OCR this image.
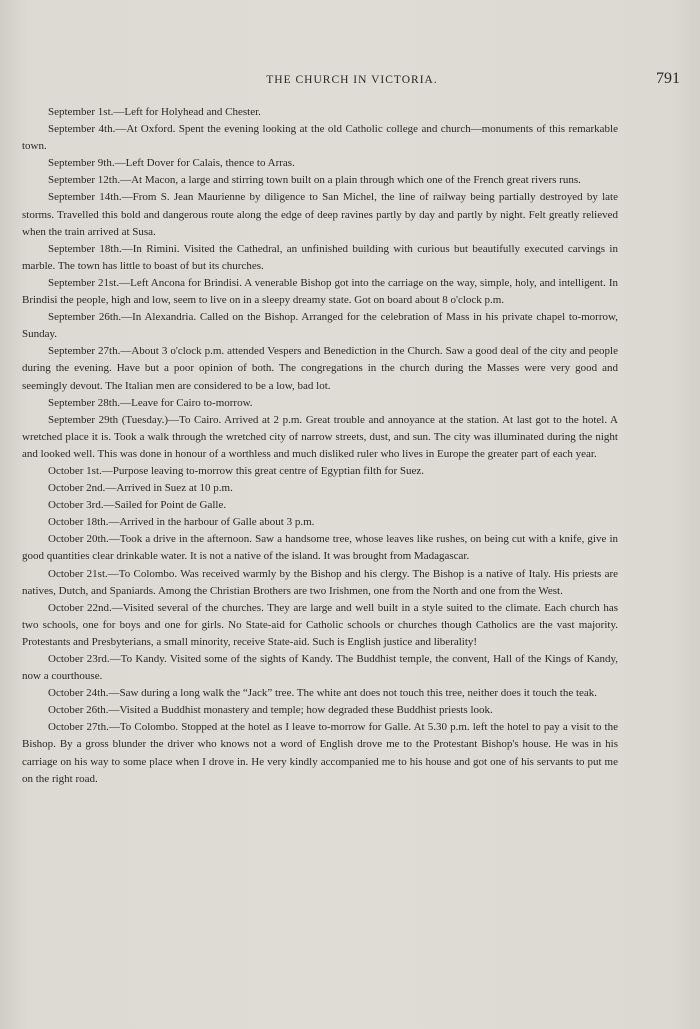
THE CHURCH IN VICTORIA.	791

September 1st.—Left for Holyhead and Chester.

September 4th.—At Oxford. Spent the evening looking at the old Catholic college and church—monuments of this remarkable town.

September 9th.—Left Dover for Calais, thence to Arras.

September 12th.—At Macon, a large and stirring town built on a plain through which one of the French great rivers runs.

September 14th.—From S. Jean Maurienne by diligence to San Michel, the line of railway being partially destroyed by late storms. Travelled this bold and dangerous route along the edge of deep ravines partly by day and partly by night. Felt greatly relieved when the train arrived at Susa.

September 18th.—In Rimini. Visited the Cathedral, an unfinished building with curious but beautifully executed carvings in marble. The town has little to boast of but its churches.

September 21st.—Left Ancona for Brindisi. A venerable Bishop got into the carriage on the way, simple, holy, and intelligent. In Brindisi the people, high and low, seem to live on in a sleepy dreamy state. Got on board about 8 o'clock p.m.

September 26th.—In Alexandria. Called on the Bishop. Arranged for the celebration of Mass in his private chapel to-morrow, Sunday.

September 27th.—About 3 o'clock p.m. attended Vespers and Benediction in the Church. Saw a good deal of the city and people during the evening. Have but a poor opinion of both. The congregations in the church during the Masses were very good and seemingly devout. The Italian men are considered to be a low, bad lot.

September 28th.—Leave for Cairo to-morrow.

September 29th (Tuesday.)—To Cairo. Arrived at 2 p.m. Great trouble and annoyance at the station. At last got to the hotel. A wretched place it is. Took a walk through the wretched city of narrow streets, dust, and sun. The city was illuminated during the night and looked well. This was done in honour of a worthless and much disliked ruler who lives in Europe the greater part of each year.

October 1st.—Purpose leaving to-morrow this great centre of Egyptian filth for Suez.

October 2nd.—Arrived in Suez at 10 p.m.

October 3rd.—Sailed for Point de Galle.

October 18th.—Arrived in the harbour of Galle about 3 p.m.

October 20th.—Took a drive in the afternoon. Saw a handsome tree, whose leaves like rushes, on being cut with a knife, give in good quantities clear drinkable water. It is not a native of the island. It was brought from Madagascar.

October 21st.—To Colombo. Was received warmly by the Bishop and his clergy. The Bishop is a native of Italy. His priests are natives, Dutch, and Spaniards. Among the Christian Brothers are two Irishmen, one from the North and one from the West.

October 22nd.—Visited several of the churches. They are large and well built in a style suited to the climate. Each church has two schools, one for boys and one for girls. No State-aid for Catholic schools or churches though Catholics are the vast majority. Protestants and Presbyterians, a small minority, receive State-aid. Such is English justice and liberality!

October 23rd.—To Kandy. Visited some of the sights of Kandy. The Buddhist temple, the convent, Hall of the Kings of Kandy, now a courthouse.

October 24th.—Saw during a long walk the “Jack” tree. The white ant does not touch this tree, neither does it touch the teak.

October 26th.—Visited a Buddhist monastery and temple; how degraded these Buddhist priests look.

October 27th.—To Colombo. Stopped at the hotel as I leave to-morrow for Galle. At 5.30 p.m. left the hotel to pay a visit to the Bishop. By a gross blunder the driver who knows not a word of English drove me to the Protestant Bishop's house. He was in his carriage on his way to some place when I drove in. He very kindly accompanied me to his house and got one of his servants to put me on the right road.
